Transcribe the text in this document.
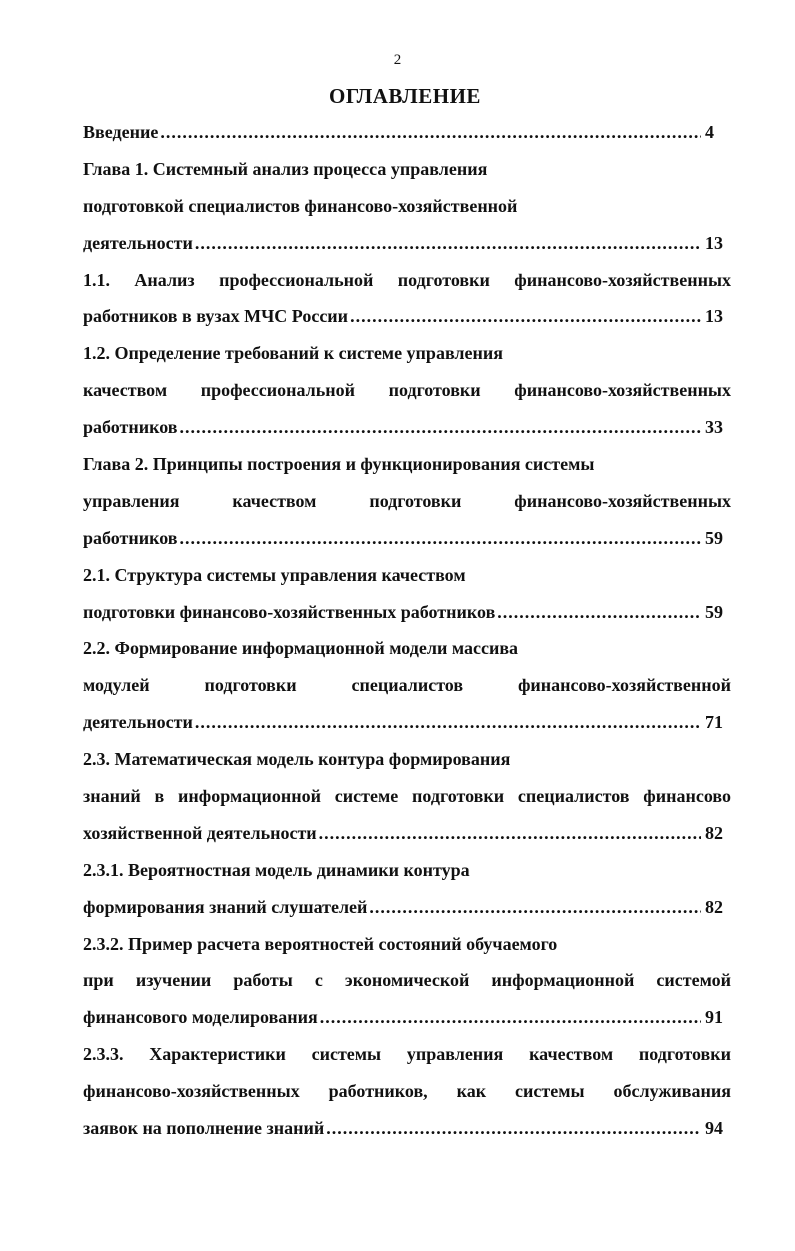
2
ОГЛАВЛЕНИЕ
Введение .....	4
Глава 1. Системный анализ процесса управления
подготовкой специалистов финансово-хозяйственной
деятельности .....	13
1.1. Анализ профессиональной подготовки финансово-хозяйственных
работников в вузах МЧС России .....	13
1.2. Определение требований к системе управления
качеством профессиональной подготовки финансово-хозяйственных
работников .....	33
Глава 2. Принципы построения и функционирования системы
управления качеством подготовки финансово-хозяйственных
работников .....	59
2.1. Структура системы управления качеством
подготовки финансово-хозяйственных работников .....	59
2.2. Формирование информационной модели массива
модулей подготовки специалистов финансово-хозяйственной
деятельности .....	71
2.3. Математическая модель контура формирования
знаний в информационной системе подготовки специалистов финансово
хозяйственной деятельности .....	82
2.3.1. Вероятностная модель динамики контура
формирования знаний слушателей .....	82
2.3.2. Пример расчета вероятностей состояний обучаемого
при изучении работы с экономической информационной системой
финансового моделирования .....	91
2.3.3. Характеристики системы управления качеством подготовки
финансово-хозяйственных работников, как системы обслуживания
заявок на пополнение знаний .....	94
